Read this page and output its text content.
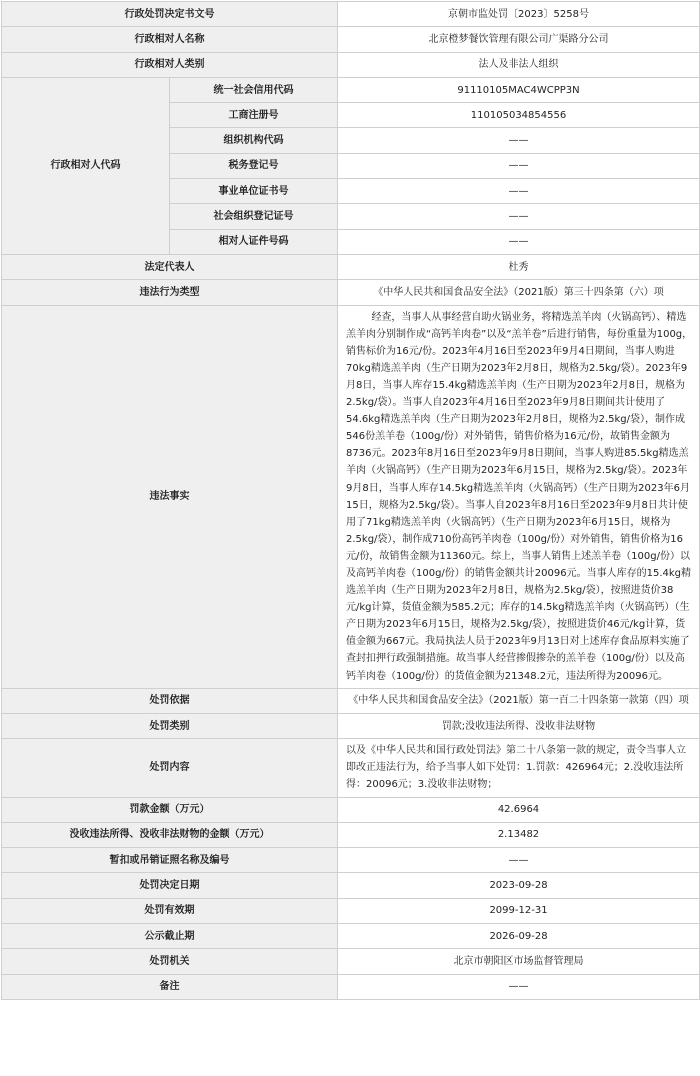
行政处罚决定书文号		京朝市监处罚〔2023〕5258号
行政相对人名称		北京橙梦餐饮管理有限公司广渠路分公司
行政相对人类别		法人及非法人组织
行政相对人代码	统一社会信用代码	91110105MAC4WCPP3N
	工商注册号	110105034854556
	组织机构代码	——
	税务登记号	——
	事业单位证书号	——
	社会组织登记证号	——
	相对人证件号码	——
法定代表人		杜秀
违法行为类型		《中华人民共和国食品安全法》（2021版）第三十四条第（六）项
违法事实		经查，当事人从事经营自助火锅业务，将精选羔羊肉（火锅高钙）、精选羔羊肉分别制作成“高钙羊肉卷”以及“羔羊卷”后进行销售，每份重量为100g，销售标价为16元/份。2023年4月16日至2023年9月4日期间，当事人购进70kg精选羔羊肉（生产日期为2023年2月8日，规格为2.5kg/袋）。2023年9月8日，当事人库存15.4kg精选羔羊肉（生产日期为2023年2月8日，规格为2.5kg/袋）。当事人自2023年4月16日至2023年9月8日期间共计使用了54.6kg精选羔羊肉（生产日期为2023年2月8日，规格为2.5kg/袋），制作成546份羔羊卷（100g/份）对外销售，销售价格为16元/份，故销售金额为8736元。2023年8月16日至2023年9月8日期间，当事人购进85.5kg精选羔羊肉（火锅高钙）（生产日期为2023年6月15日，规格为2.5kg/袋）。2023年9月8日，当事人库存14.5kg精选羔羊肉（火锅高钙）（生产日期为2023年6月15日，规格为2.5kg/袋）。当事人自2023年8月16日至2023年9月8日共计使用了71kg精选羔羊肉（火锅高钙）（生产日期为2023年6月15日，规格为2.5kg/袋），制作成710份高钙羊肉卷（100g/份）对外销售，销售价格为16元/份，故销售金额为11360元。综上，当事人销售上述羔羊卷（100g/份）以及高钙羊肉卷（100g/份）的销售金额共计20096元。当事人库存的15.4kg精选羔羊肉（生产日期为2023年2月8日，规格为2.5kg/袋），按照进货价38元/kg计算，货值金额为585.2元；库存的14.5kg精选羔羊肉（火锅高钙）（生产日期为2023年6月15日，规格为2.5kg/袋），按照进货价46元/kg计算，货值金额为667元。我局执法人员于2023年9月13日对上述库存食品原料实施了查封扣押行政强制措施。故当事人经营掺假掺杂的羔羊卷（100g/份）以及高钙羊肉卷（100g/份）的货值金额为21348.2元，违法所得为20096元。

处罚依据		《中华人民共和国食品安全法》（2021版）第一百二十四条第一款第（四）项
处罚类别		罚款;没收违法所得、没收非法财物
处罚内容		以及《中华人民共和国行政处罚法》第二十八条第一款的规定，责令当事人立即改正违法行为，给予当事人如下处罚：1.罚款：426964元；2.没收违法所得：20096元；3.没收非法财物；

罚款金额（万元）		42.6964
没收违法所得、没收非法财物的金额（万元）		2.13482
暂扣或吊销证照名称及编号		——
处罚决定日期		2023-09-28
处罚有效期		2099-12-31
公示截止期		2026-09-28
处罚机关		北京市朝阳区市场监督管理局
备注		——
